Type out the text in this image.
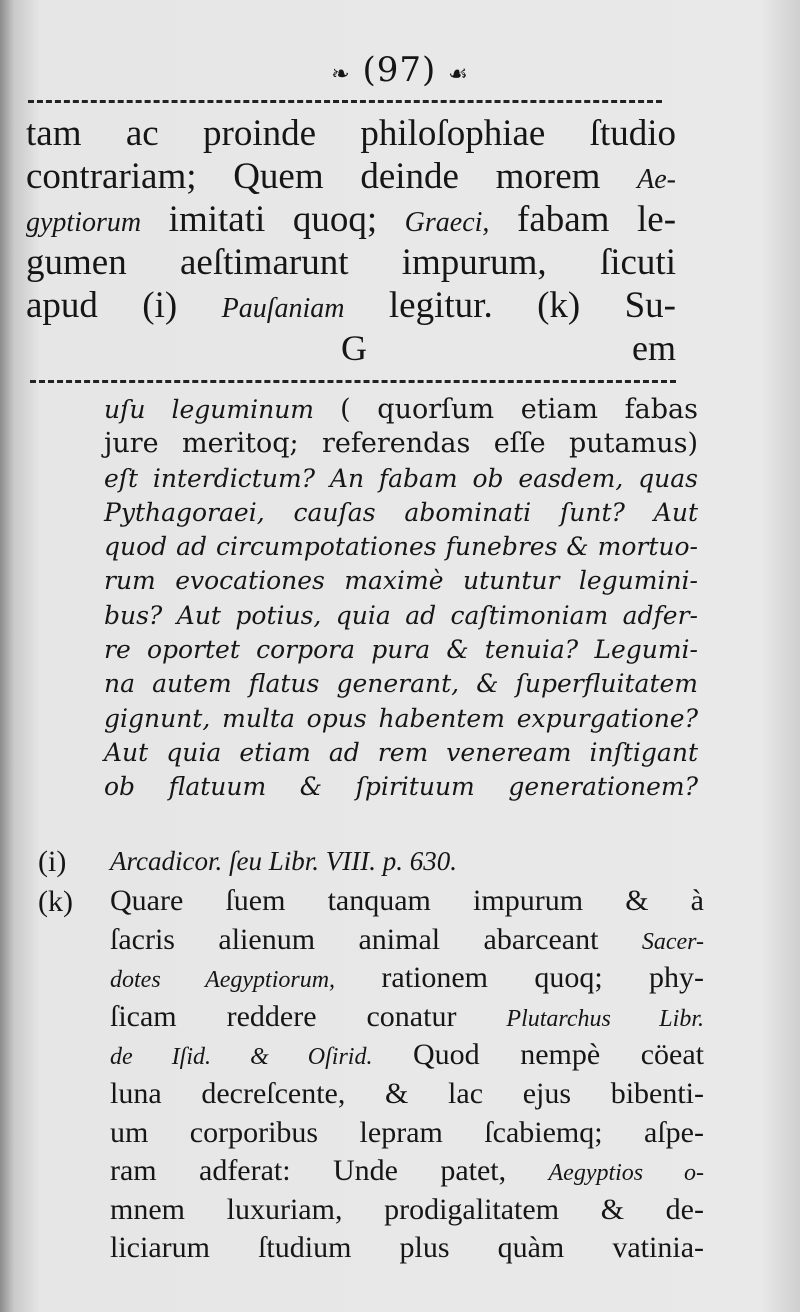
❧ (97) ☙
tam ac proinde philoſophiae ſtudio
contrariam; Quem deinde morem Ae-
gyptiorum imitati quoq; Graeci, fabam le-
gumen aeſtimarunt impurum, ſicuti
apud (i) Pauſaniam legitur. (k) Su-
G	em
uſu leguminum ( quorſum etiam fabas
jure meritoq; referendas eſſe putamus)
eſt interdictum? An fabam ob easdem, quas
Pythagoraei, cauſas abominati ſunt? Aut
quod ad circumpotationes funebres & mortuo-
rum evocationes maximè utuntur legumini-
bus? Aut potius, quia ad caſtimoniam adfer-
re oportet corpora pura & tenuia? Legumi-
na autem flatus generant, & ſuperfluitatem
gignunt, multa opus habentem expurgatione?
Aut quia etiam ad rem veneream inſtigant
ob flatuum & ſpirituum generationem?
(i)	Arcadicor. ſeu Libr. VIII. p. 630.
(k)	Quare ſuem tanquam impurum & à
ſacris alienum animal abarceant Sacer-
dotes Aegyptiorum, rationem quoq; phy-
ſicam reddere conatur Plutarchus Libr.
de Iſid. & Oſirid. Quod nempè cöeat
luna decreſcente, & lac ejus bibenti-
um corporibus lepram ſcabiemq; aſpe-
ram adferat: Unde patet, Aegyptios o-
mnem luxuriam, prodigalitatem & de-
liciarum ſtudium plus quàm vatinia-
